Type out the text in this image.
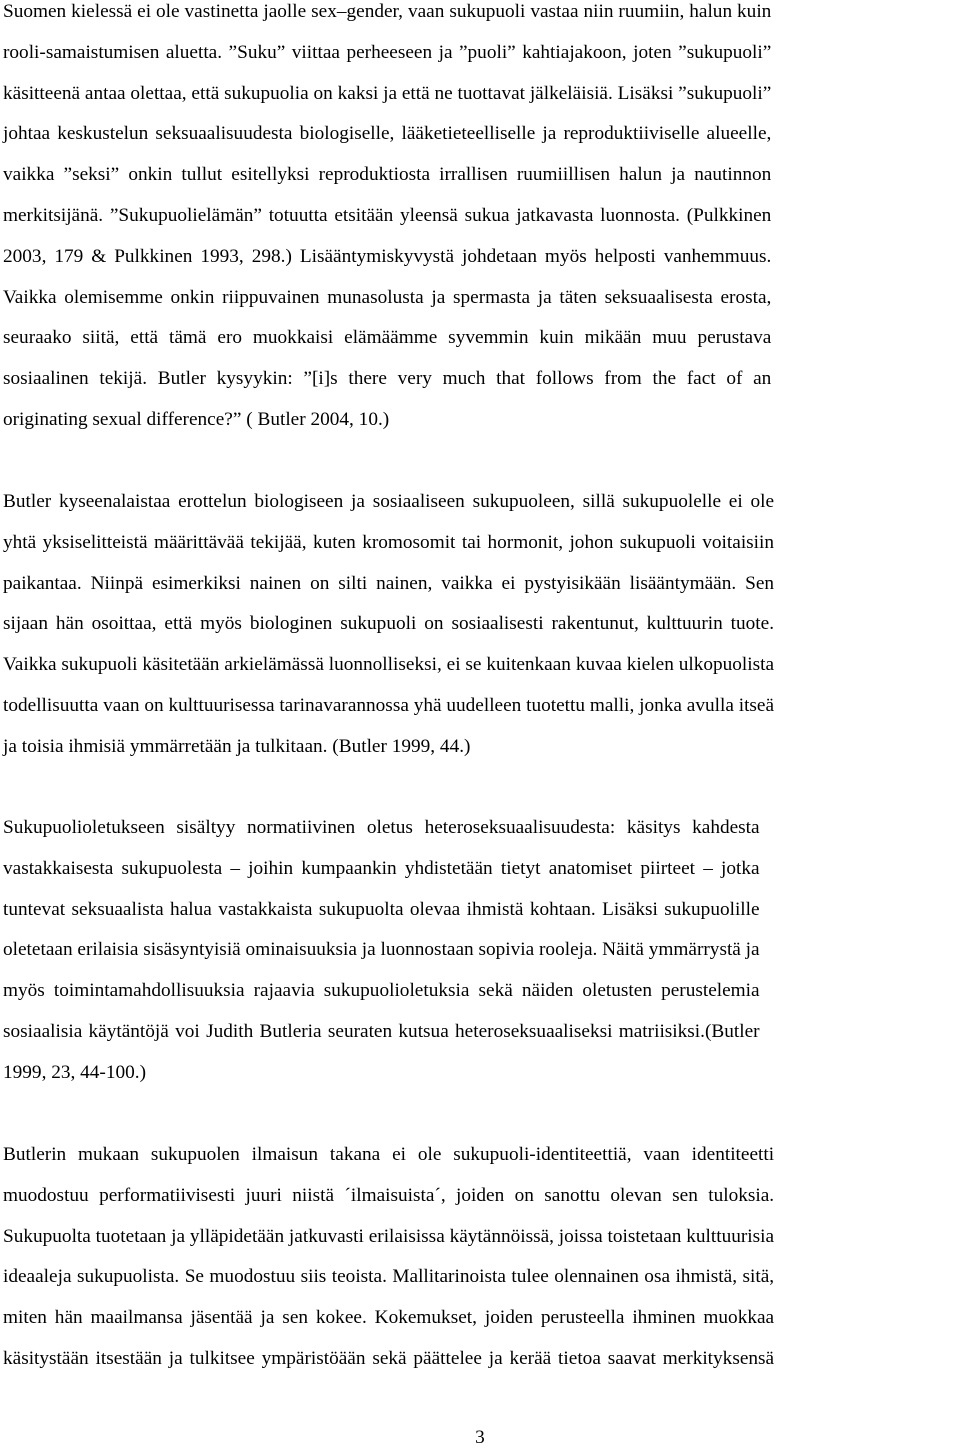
Suomen kielessä ei ole vastinetta jaolle sex–gender, vaan sukupuoli vastaa niin ruumiin, halun kuin
rooli-samaistumisen aluetta. ”Suku” viittaa perheeseen ja ”puoli” kahtiajakoon, joten ”sukupuoli”
käsitteenä antaa olettaa, että sukupuolia on kaksi ja että ne tuottavat jälkeläisiä. Lisäksi ”sukupuoli”
johtaa keskustelun seksuaalisuudesta biologiselle, lääketieteelliselle ja reproduktiiviselle alueelle,
vaikka ”seksi” onkin tullut esitellyksi reproduktiosta irrallisen ruumiillisen halun ja nautinnon
merkitsijänä. ”Sukupuolielämän” totuutta etsitään yleensä sukua jatkavasta luonnosta. (Pulkkinen
2003, 179 & Pulkkinen 1993, 298.) Lisääntymiskyvystä johdetaan myös helposti vanhemmuus.
Vaikka olemisemme onkin riippuvainen munasolusta ja spermasta ja täten seksuaalisesta erosta,
seuraako siitä, että tämä ero muokkaisi elämäämme syvemmin kuin mikään muu perustava
sosiaalinen tekijä. Butler kysyykin: ”[i]s there very much that follows from the fact of an
originating sexual difference?” ( Butler 2004, 10.)
Butler kyseenalaistaa erottelun biologiseen ja sosiaaliseen sukupuoleen, sillä sukupuolelle ei ole
yhtä yksiselitteistä määrittävää tekijää, kuten kromosomit tai hormonit, johon sukupuoli voitaisiin
paikantaa. Niinpä esimerkiksi nainen on silti nainen, vaikka ei pystyisikään lisääntymään. Sen
sijaan hän osoittaa, että myös biologinen sukupuoli on sosiaalisesti rakentunut, kulttuurin tuote.
Vaikka sukupuoli käsitetään arkielämässä luonnolliseksi, ei se kuitenkaan kuvaa kielen ulkopuolista
todellisuutta vaan on kulttuurisessa tarinavarannossa yhä uudelleen tuotettu malli, jonka avulla itseä
ja toisia ihmisiä ymmärretään ja tulkitaan. (Butler 1999, 44.)
Sukupuolioletukseen sisältyy normatiivinen oletus heteroseksuaalisuudesta: käsitys kahdesta
vastakkaisesta sukupuolesta – joihin kumpaankin yhdistetään tietyt anatomiset piirteet – jotka
tuntevat seksuaalista halua vastakkaista sukupuolta olevaa ihmistä kohtaan. Lisäksi sukupuolille
oletetaan erilaisia sisäsyntyisiä ominaisuuksia ja luonnostaan sopivia rooleja. Näitä ymmärrystä ja
myös toimintamahdollisuuksia rajaavia sukupuolioletuksia sekä näiden oletusten perustelemia
sosiaalisia käytäntöjä voi Judith Butleria seuraten kutsua heteroseksuaaliseksi matriisiksi.(Butler
1999, 23, 44-100.)
Butlerin mukaan sukupuolen ilmaisun takana ei ole sukupuoli-identiteettiä, vaan identiteetti
muodostuu performatiivisesti juuri niistä ´ilmaisuista´, joiden on sanottu olevan sen tuloksia.
Sukupuolta tuotetaan ja ylläpidetään jatkuvasti erilaisissa käytännöissä, joissa toistetaan kulttuurisia
ideaaleja sukupuolista. Se muodostuu siis teoista. Mallitarinoista tulee olennainen osa ihmistä, sitä,
miten hän maailmansa jäsentää ja sen kokee. Kokemukset, joiden perusteella ihminen muokkaa
käsitystään itsestään ja tulkitsee ympäristöään sekä päättelee ja kerää tietoa saavat merkityksensä
3
